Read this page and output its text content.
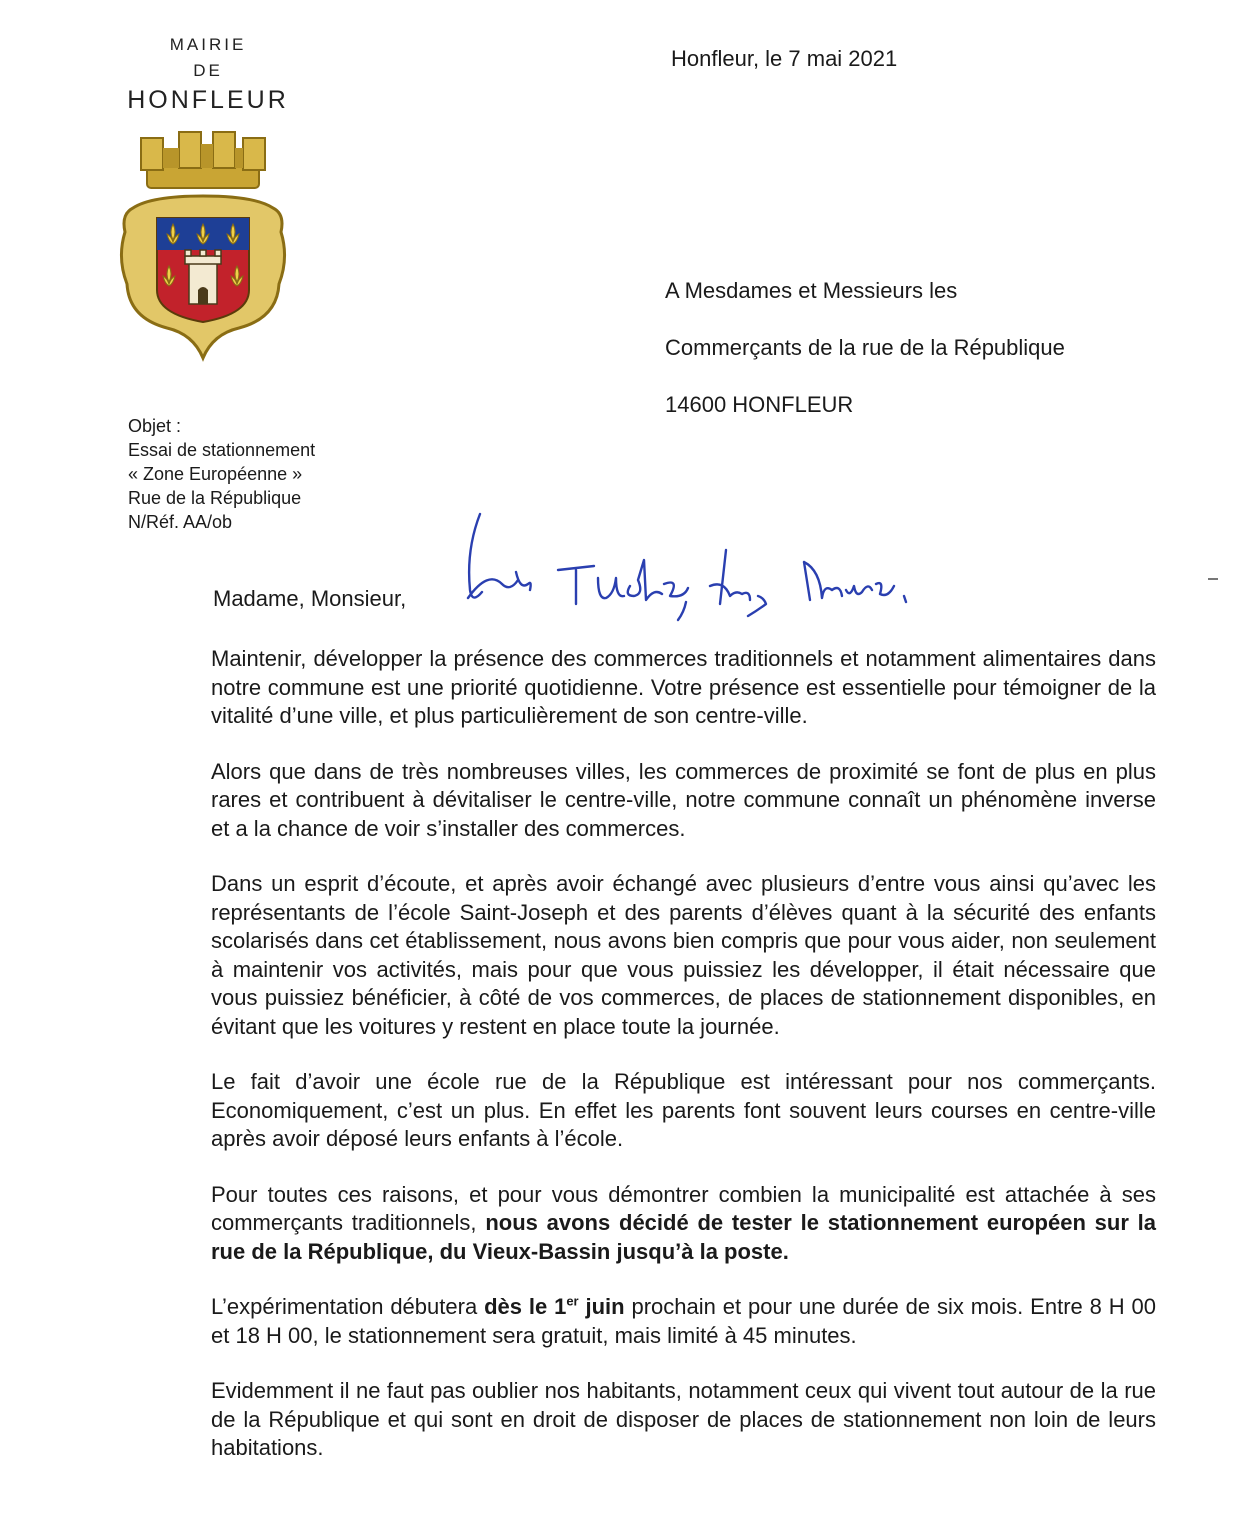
MAIRIE
DE
HONFLEUR
Honfleur, le 7 mai 2021
A Mesdames et Messieurs les
Commerçants de la rue de la République
14600 HONFLEUR
Objet :
Essai de stationnement
« Zone Européenne »
Rue de la République
N/Réf. AA/ob
Madame, Monsieur,

Maintenir, développer la présence des commerces traditionnels et notamment alimentaires dans notre commune est une priorité quotidienne. Votre présence est essentielle pour témoigner de la vitalité d’une ville, et plus particulièrement de son centre-ville.

Alors que dans de très nombreuses villes, les commerces de proximité se font de plus en plus rares et contribuent à dévitaliser le centre-ville, notre commune connaît un phénomène inverse et a la chance de voir s’installer des commerces.

Dans un esprit d’écoute, et après avoir échangé avec plusieurs d’entre vous ainsi qu’avec les représentants de l’école Saint-Joseph et des parents d’élèves quant à la sécurité des enfants scolarisés dans cet établissement, nous avons bien compris que pour vous aider, non seulement à maintenir vos activités, mais pour que vous puissiez les développer, il était nécessaire que vous puissiez bénéficier, à côté de vos commerces, de places de stationnement disponibles, en évitant que les voitures y restent en place toute la journée.

Le fait d’avoir une école rue de la République est intéressant pour nos commerçants. Economiquement, c’est un plus. En effet les parents font souvent leurs courses en centre-ville après avoir déposé leurs enfants à l’école.

Pour toutes ces raisons, et pour vous démontrer combien la municipalité est attachée à ses commerçants traditionnels, nous avons décidé de tester le stationnement européen sur la rue de la République, du Vieux-Bassin jusqu’à la poste.

L’expérimentation débutera dès le 1er juin prochain et pour une durée de six mois. Entre 8 H 00 et 18 H 00, le stationnement sera gratuit, mais limité à 45 minutes.

Evidemment il ne faut pas oublier nos habitants, notamment ceux qui vivent tout autour de la rue de la République et qui sont en droit de disposer de places de stationnement non loin de leurs habitations.
